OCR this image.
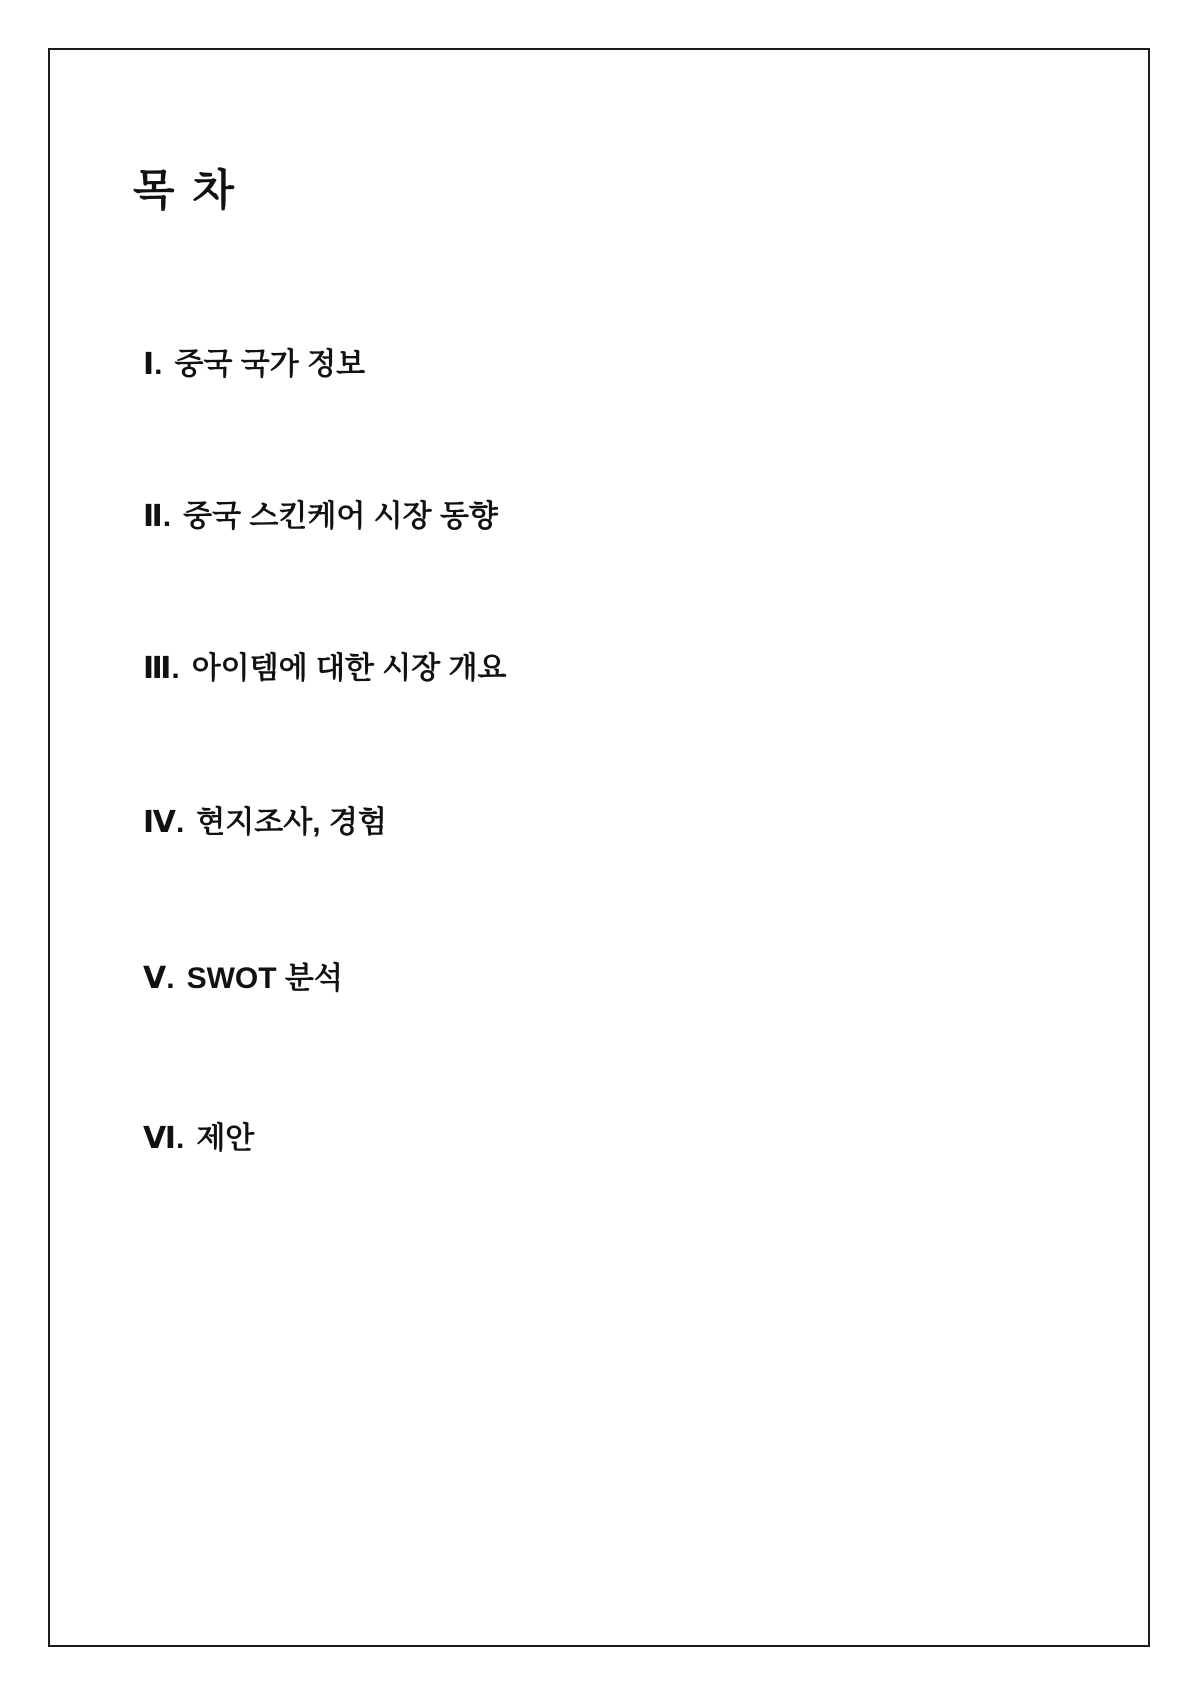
목 차
Ⅰ. 중국 국가 정보
Ⅱ. 중국 스킨케어 시장 동향
Ⅲ. 아이템에 대한 시장 개요
Ⅳ. 현지조사, 경험
Ⅴ. SWOT 분석
Ⅵ. 제안
